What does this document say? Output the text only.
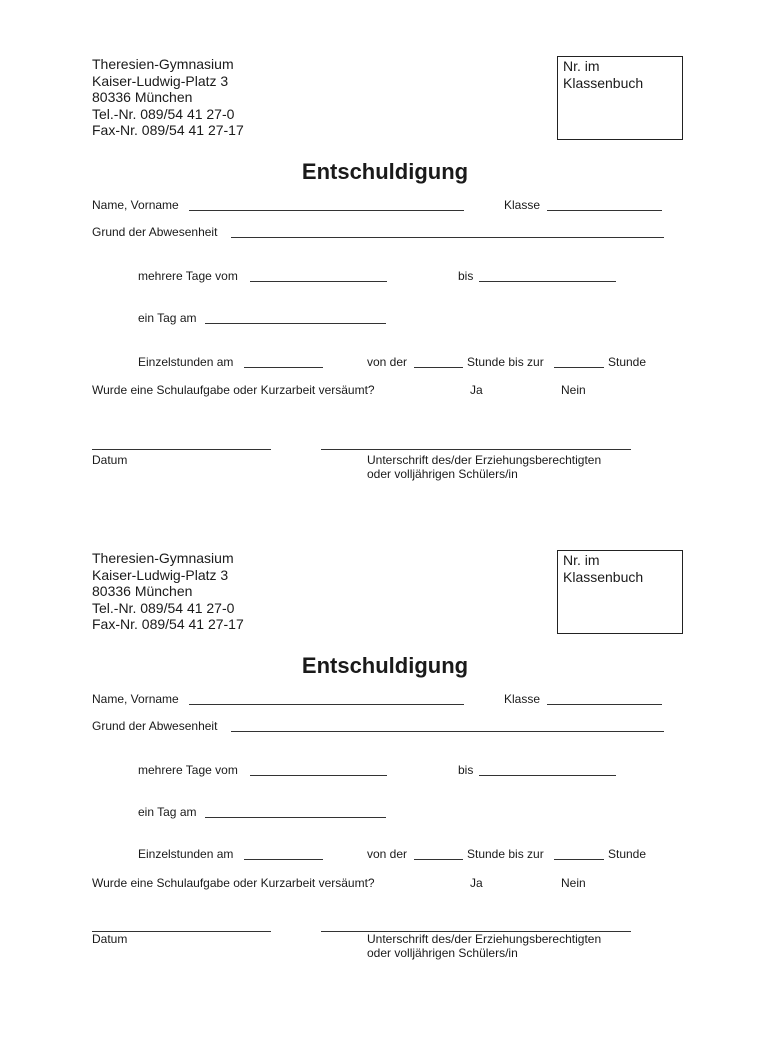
Theresien-Gymnasium
Kaiser-Ludwig-Platz 3
80336 München
Tel.-Nr. 089/54 41 27-0
Fax-Nr. 089/54 41 27-17
Nr. im
Klassenbuch
Entschuldigung
Name, Vorname	Klasse
Grund der Abwesenheit
mehrere Tage vom	bis
ein Tag am
Einzelstunden am	von der	Stunde bis zur	Stunde
Wurde eine Schulaufgabe oder Kurzarbeit versäumt?	Ja	Nein
Datum	Unterschrift des/der Erziehungsberechtigten
oder volljährigen Schülers/in
Theresien-Gymnasium
Kaiser-Ludwig-Platz 3
80336 München
Tel.-Nr. 089/54 41 27-0
Fax-Nr. 089/54 41 27-17
Nr. im
Klassenbuch
Entschuldigung
Name, Vorname	Klasse
Grund der Abwesenheit
mehrere Tage vom	bis
ein Tag am
Einzelstunden am	von der	Stunde bis zur	Stunde
Wurde eine Schulaufgabe oder Kurzarbeit versäumt?	Ja	Nein
Datum	Unterschrift des/der Erziehungsberechtigten
oder volljährigen Schülers/in
